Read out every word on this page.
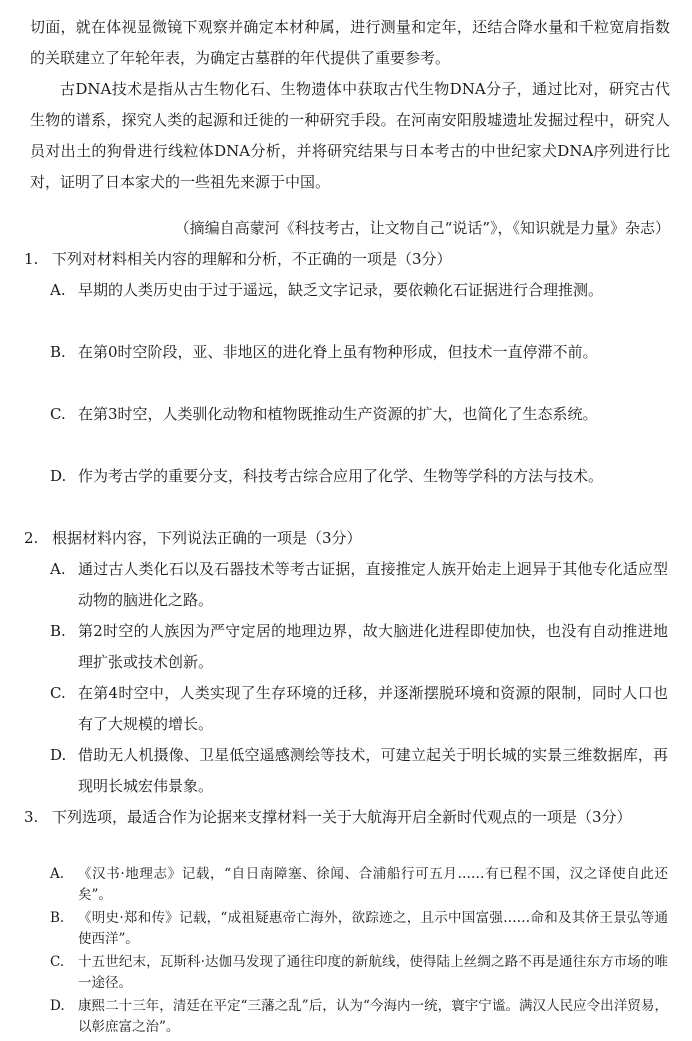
切面，就在体视显微镜下观察并确定本材种属，进行测量和定年，还结合降水量和千粒宽肩指数的关联建立了年轮年表，为确定古墓群的年代提供了重要参考。

古DNA技术是指从古生物化石、生物遗体中获取古代生物DNA分子，通过比对，研究古代生物的谱系，探究人类的起源和迁徙的一种研究手段。在河南安阳殷墟遗址发掘过程中，研究人员对出土的狗骨进行线粒体DNA分析，并将研究结果与日本考古的中世纪家犬DNA序列进行比对，证明了日本家犬的一些祖先来源于中国。

（摘编自高蒙河《科技考古，让文物自己“说话”》，《知识就是力量》杂志）

1. 下列对材料相关内容的理解和分析，不正确的一项是（3分）

A. 早期的人类历史由于过于遥远，缺乏文字记录，要依赖化石证据进行合理推测。
B. 在第0时空阶段，亚、非地区的进化脊上虽有物种形成，但技术一直停滞不前。
C. 在第3时空，人类驯化动物和植物既推动生产资源的扩大，也简化了生态系统。
D. 作为考古学的重要分支，科技考古综合应用了化学、生物等学科的方法与技术。

2. 根据材料内容，下列说法正确的一项是（3分）

A. 通过古人类化石以及石器技术等考古证据，直接推定人族开始走上迥异于其他专化适应型动物的脑进化之路。
B. 第2时空的人族因为严守定居的地理边界，故大脑进化进程即使加快，也没有自动推进地理扩张或技术创新。
C. 在第4时空中，人类实现了生存环境的迁移，并逐渐摆脱环境和资源的限制，同时人口也有了大规模的增长。
D. 借助无人机摄像、卫星低空遥感测绘等技术，可建立起关于明长城的实景三维数据库，再现明长城宏伟景象。

3. 下列选项，最适合作为论据来支撑材料一关于大航海开启全新时代观点的一项是（3分）

A. 《汉书·地理志》记载，“自日南障塞、徐闻、合浦船行可五月……有已程不国，汉之译使自此还矣”。
B. 《明史·郑和传》记载，“成祖疑惠帝亡海外，欲踪迹之，且示中国富强……命和及其侪王景弘等通使西洋”。
C. 十五世纪末，瓦斯科·达伽马发现了通往印度的新航线，使得陆上丝绸之路不再是通往东方市场的唯一途径。
D. 康熙二十三年，清廷在平定“三藩之乱”后，认为“今海内一统，寰宇宁谧。满汉人民应令出洋贸易，以彰庶富之治”。
